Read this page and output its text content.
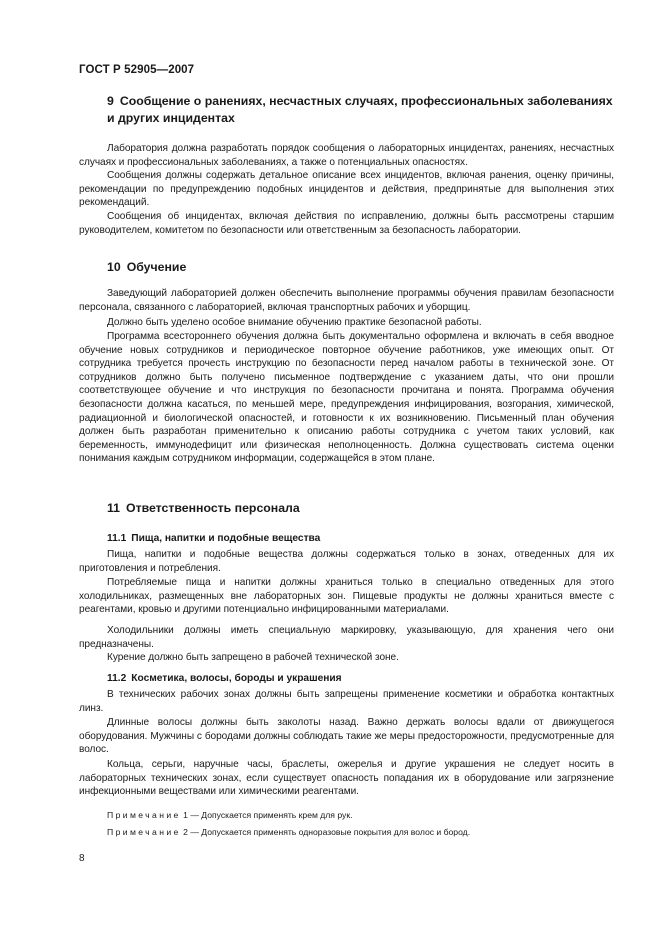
ГОСТ Р 52905—2007
9 Сообщение о ранениях, несчастных случаях, профессиональных заболеваниях и других инцидентах
Лаборатория должна разработать порядок сообщения о лабораторных инцидентах, ранениях, несчастных случаях и профессиональных заболеваниях, а также о потенциальных опасностях.
Сообщения должны содержать детальное описание всех инцидентов, включая ранения, оценку причины, рекомендации по предупреждению подобных инцидентов и действия, предпринятые для выполнения этих рекомендаций.
Сообщения об инцидентах, включая действия по исправлению, должны быть рассмотрены старшим руководителем, комитетом по безопасности или ответственным за безопасность лаборатории.
10 Обучение
Заведующий лабораторией должен обеспечить выполнение программы обучения правилам безопасности персонала, связанного с лабораторией, включая транспортных рабочих и уборщиц.
Должно быть уделено особое внимание обучению практике безопасной работы.
Программа всестороннего обучения должна быть документально оформлена и включать в себя вводное обучение новых сотрудников и периодическое повторное обучение работников, уже имеющих опыт. От сотрудника требуется прочесть инструкцию по безопасности перед началом работы в технической зоне. От сотрудников должно быть получено письменное подтверждение с указанием даты, что они прошли соответствующее обучение и что инструкция по безопасности прочитана и понята. Программа обучения безопасности должна касаться, по меньшей мере, предупреждения инфицирования, возгорания, химической, радиационной и биологической опасностей, и готовности к их возникновению. Письменный план обучения должен быть разработан применительно к описанию работы сотрудника с учетом таких условий, как беременность, иммунодефицит или физическая неполноценность. Должна существовать система оценки понимания каждым сотрудником информации, содержащейся в этом плане.
11 Ответственность персонала
11.1 Пища, напитки и подобные вещества
Пища, напитки и подобные вещества должны содержаться только в зонах, отведенных для их приготовления и потребления.
Потребляемые пища и напитки должны храниться только в специально отведенных для этого холодильниках, размещенных вне лабораторных зон. Пищевые продукты не должны храниться вместе с реагентами, кровью и другими потенциально инфицированными материалами.
Холодильники должны иметь специальную маркировку, указывающую, для хранения чего они предназначены.
Курение должно быть запрещено в рабочей технической зоне.
11.2 Косметика, волосы, бороды и украшения
В технических рабочих зонах должны быть запрещены применение косметики и обработка контактных линз.
Длинные волосы должны быть заколоты назад. Важно держать волосы вдали от движущегося оборудования. Мужчины с бородами должны соблюдать такие же меры предосторожности, предусмотренные для волос.
Кольца, серьги, наручные часы, браслеты, ожерелья и другие украшения не следует носить в лабораторных технических зонах, если существует опасность попадания их в оборудование или загрязнение инфекционными веществами или химическими реагентами.
Примечание 1 — Допускается применять крем для рук.
Примечание 2 — Допускается применять одноразовые покрытия для волос и бород.
8
